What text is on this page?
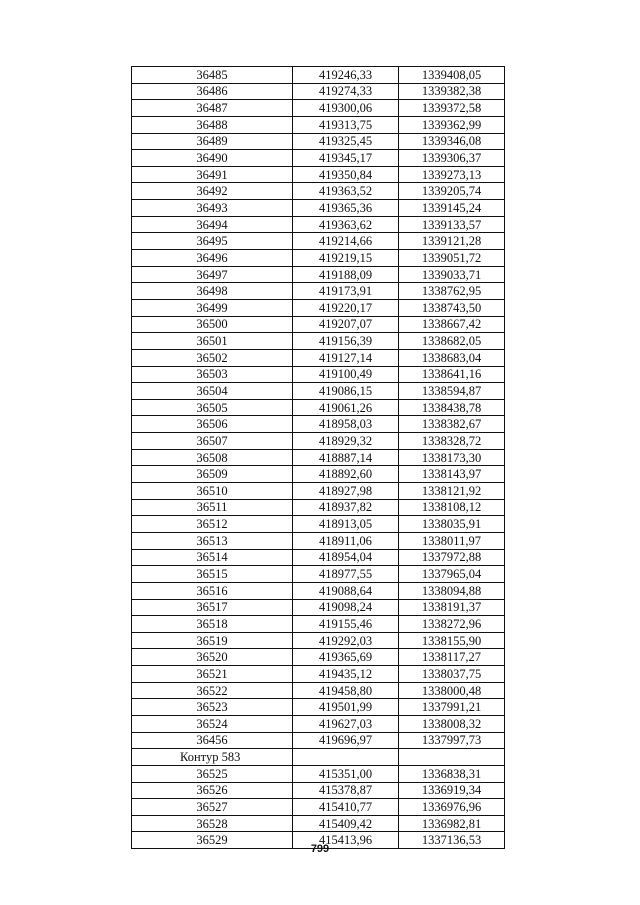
36485	419246,33	1339408,05
36486	419274,33	1339382,38
36487	419300,06	1339372,58
36488	419313,75	1339362,99
36489	419325,45	1339346,08
36490	419345,17	1339306,37
36491	419350,84	1339273,13
36492	419363,52	1339205,74
36493	419365,36	1339145,24
36494	419363,62	1339133,57
36495	419214,66	1339121,28
36496	419219,15	1339051,72
36497	419188,09	1339033,71
36498	419173,91	1338762,95
36499	419220,17	1338743,50
36500	419207,07	1338667,42
36501	419156,39	1338682,05
36502	419127,14	1338683,04
36503	419100,49	1338641,16
36504	419086,15	1338594,87
36505	419061,26	1338438,78
36506	418958,03	1338382,67
36507	418929,32	1338328,72
36508	418887,14	1338173,30
36509	418892,60	1338143,97
36510	418927,98	1338121,92
36511	418937,82	1338108,12
36512	418913,05	1338035,91
36513	418911,06	1338011,97
36514	418954,04	1337972,88
36515	418977,55	1337965,04
36516	419088,64	1338094,88
36517	419098,24	1338191,37
36518	419155,46	1338272,96
36519	419292,03	1338155,90
36520	419365,69	1338117,27
36521	419435,12	1338037,75
36522	419458,80	1338000,48
36523	419501,99	1337991,21
36524	419627,03	1338008,32
36456	419696,97	1337997,73
Контур 583		
36525	415351,00	1336838,31
36526	415378,87	1336919,34
36527	415410,77	1336976,96
36528	415409,42	1336982,81
36529	415413,96	1337136,53
799
